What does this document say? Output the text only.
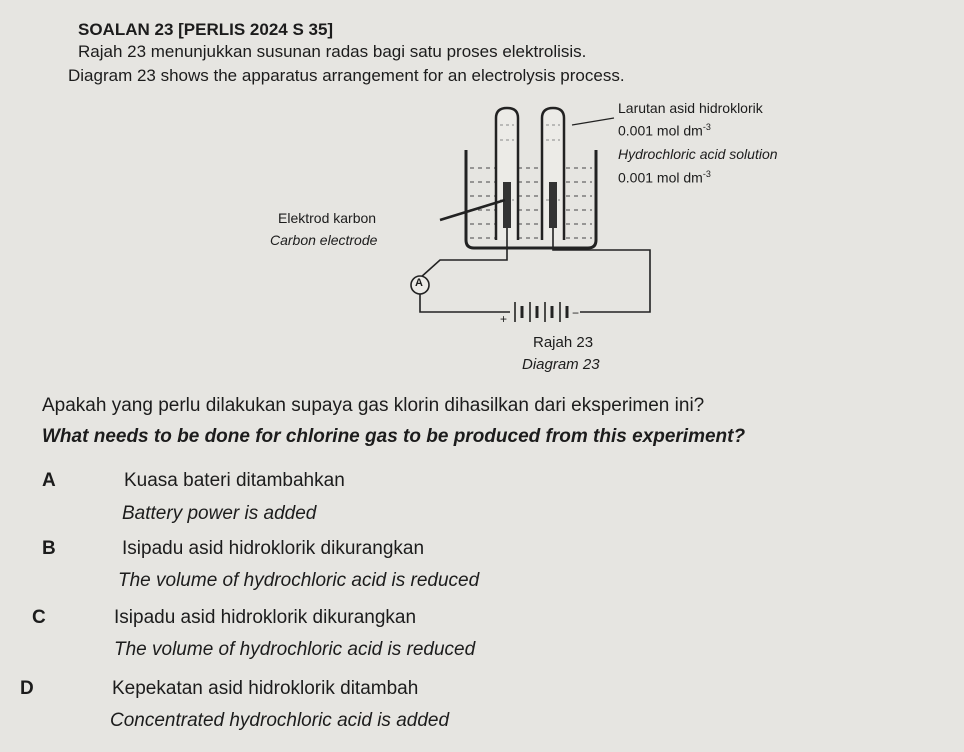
SOALAN 23 [PERLIS 2024 S 35]
Rajah 23 menunjukkan susunan radas bagi satu proses elektrolisis.
Diagram 23 shows the apparatus arrangement for an electrolysis process.
Larutan asid hidroklorik
0.001 mol $dm^{-3}$
Hydrochloric acid solution
0.001 mol $dm^{-3}$
Elektrod karbon
Carbon electrode
A
+	−
Rajah 23
Diagram 23
Apakah yang perlu dilakukan supaya gas klorin dihasilkan dari eksperimen ini?
What needs to be done for chlorine gas to be produced from this experiment?
A	Kuasa bateri ditambahkan
Battery power is added
B	Isipadu asid hidroklorik dikurangkan
The volume of hydrochloric acid is reduced
C	Isipadu asid hidroklorik dikurangkan
The volume of hydrochloric acid is reduced
D	Kepekatan asid hidroklorik ditambah
Concentrated hydrochloric acid is added
